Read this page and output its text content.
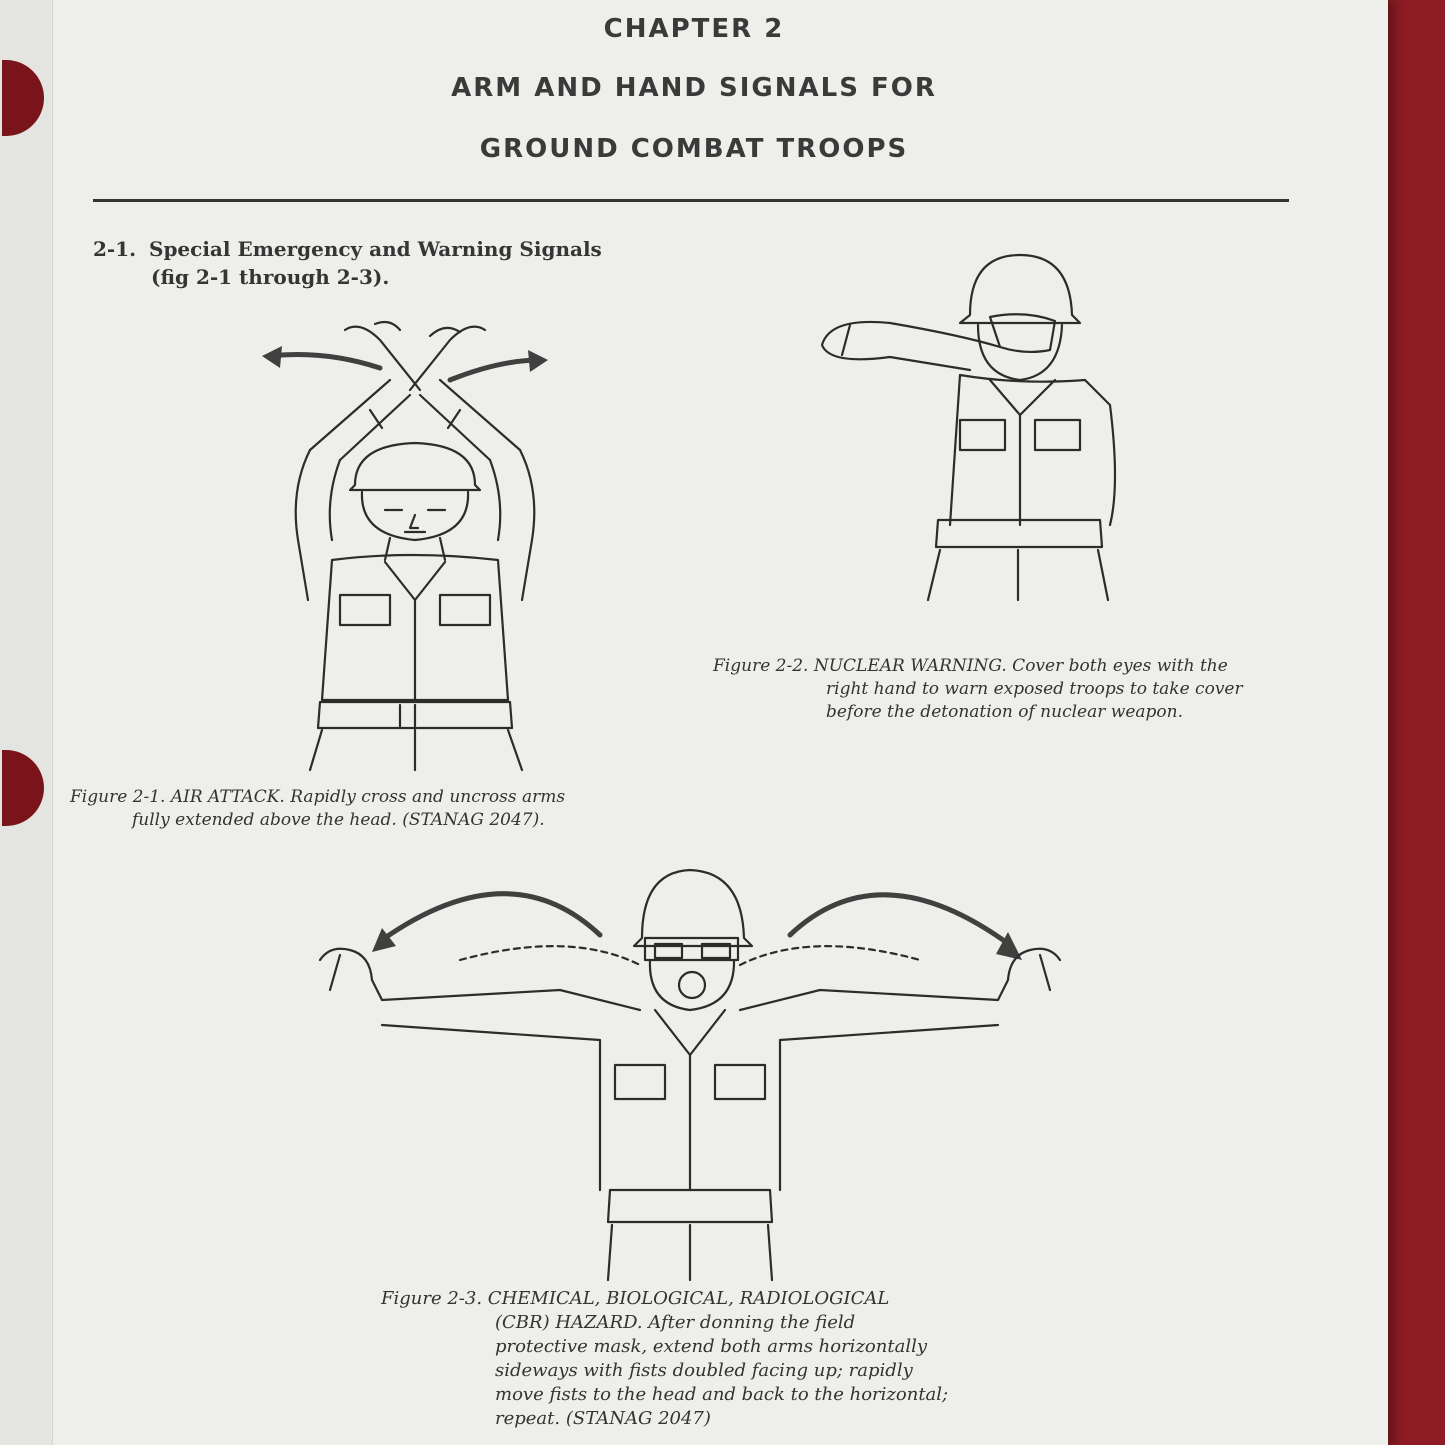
CHAPTER 2
ARM AND HAND SIGNALS FOR
GROUND COMBAT TROOPS
2-1. Special Emergency and Warning Signals
(fig 2-1 through 2-3).
Figure 2-1. AIR ATTACK. Rapidly cross and uncross arms
fully extended above the head. (STANAG 2047).
Figure 2-2. NUCLEAR WARNING. Cover both eyes with the
right hand to warn exposed troops to take cover
before the detonation of nuclear weapon.
Figure 2-3. CHEMICAL, BIOLOGICAL, RADIOLOGICAL
(CBR) HAZARD. After donning the field
protective mask, extend both arms horizontally
sideways with fists doubled facing up; rapidly
move fists to the head and back to the horizontal;
repeat. (STANAG 2047)
